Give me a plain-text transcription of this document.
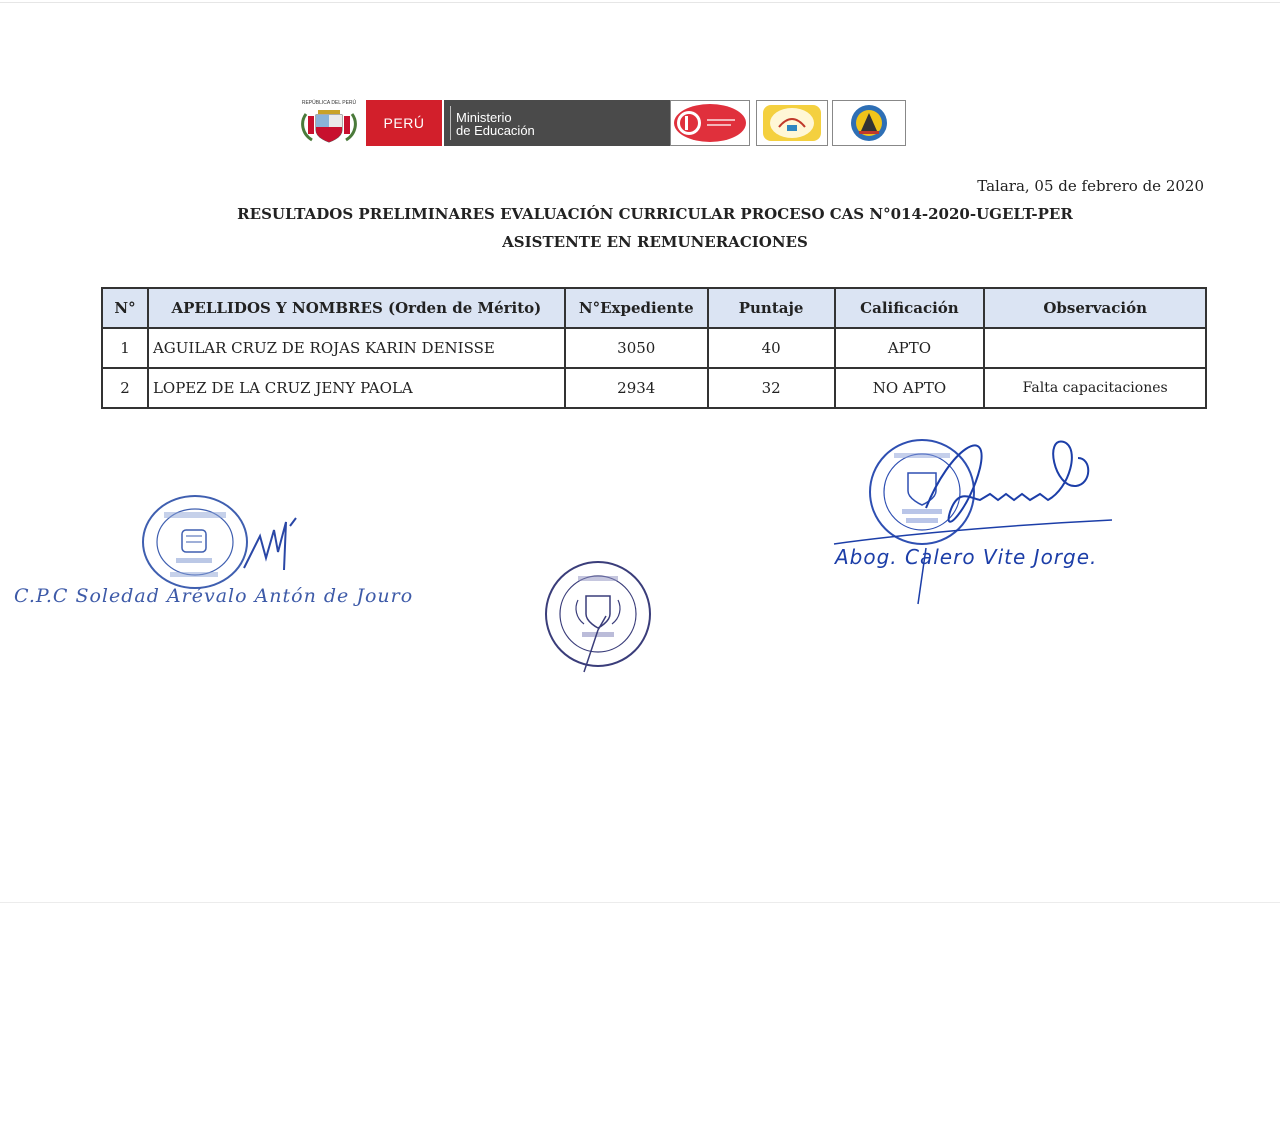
REPÚBLICA DEL PERÚ
PERÚ	Ministerio
de Educación
Talara, 05 de febrero de 2020
RESULTADOS PRELIMINARES EVALUACIÓN CURRICULAR PROCESO CAS N°014-2020-UGELT-PER
ASISTENTE EN REMUNERACIONES
N°	APELLIDOS Y NOMBRES (Orden de Mérito)	N°Expediente	Puntaje	Calificación	Observación
1	AGUILAR CRUZ DE ROJAS KARIN DENISSE	3050	40	APTO	
2	LOPEZ DE LA CRUZ JENY PAOLA	2934	32	NO APTO	Falta capacitaciones
C.P.C Soledad Arévalo Antón de Jouro
Abog. Calero Vite Jorge.
